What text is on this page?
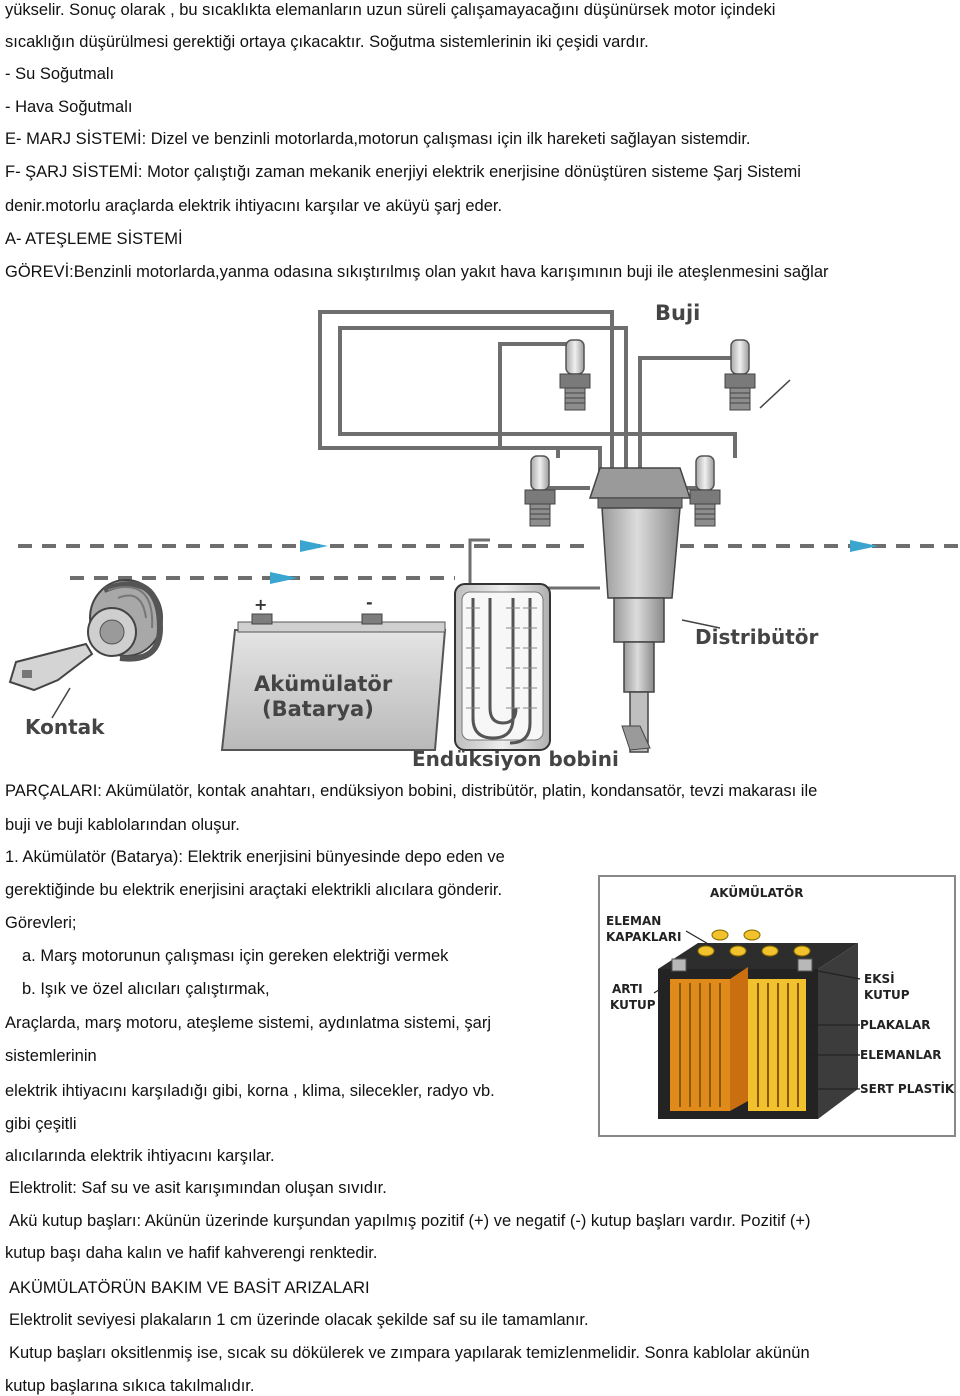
yükselir. Sonuç olarak , bu sıcaklıkta elemanların uzun süreli çalışamayacağını düşünürsek motor içindeki
sıcaklığın düşürülmesi gerektiği ortaya çıkacaktır. Soğutma sistemlerinin iki çeşidi vardır.
- Su Soğutmalı
- Hava Soğutmalı
E- MARJ SİSTEMİ: Dizel ve benzinli motorlarda,motorun çalışması için ilk hareketi sağlayan sistemdir.
F- ŞARJ SİSTEMİ: Motor çalıştığı zaman mekanik enerjiyi elektrik enerjisine dönüştüren sisteme Şarj Sistemi
denir.motorlu araçlarda elektrik ihtiyacını karşılar ve aküyü şarj eder.
A- ATEŞLEME SİSTEMİ
GÖREVİ:Benzinli motorlarda,yanma odasına sıkıştırılmış olan yakıt hava karışımının buji ile ateşlenmesini sağlar
+	-
Akümülatör
(Batarya)
Buji
Distribütör
Kontak
Endüksiyon bobini
PARÇALARI: Akümülatör, kontak anahtarı, endüksiyon bobini, distribütör, platin, kondansatör, tevzi makarası ile
buji ve buji kablolarından oluşur.
1. Akümülatör (Batarya): Elektrik enerjisini bünyesinde depo eden ve
gerektiğinde bu elektrik enerjisini araçtaki elektrikli alıcılara gönderir.
Görevleri;
a. Marş motorunun çalışması için gereken elektriği vermek
b. Işık ve özel alıcıları çalıştırmak,
Araçlarda, marş motoru, ateşleme sistemi, aydınlatma sistemi, şarj
sistemlerinin
elektrik ihtiyacını karşıladığı gibi, korna , klima, silecekler, radyo vb.
gibi çeşitli
alıcılarında elektrik ihtiyacını karşılar.
Elektrolit: Saf su ve asit karışımından oluşan sıvıdır.
Akü kutup başları: Akünün üzerinde kurşundan yapılmış pozitif (+) ve negatif (-) kutup başları vardır. Pozitif (+)
kutup başı daha kalın ve hafif kahverengi renktedir.
AKÜMÜLATÖRÜN BAKIM VE BASİT ARIZALARI
Elektrolit seviyesi plakaların 1 cm üzerinde olacak şekilde saf su ile tamamlanır.
Kutup başları oksitlenmiş ise, sıcak su dökülerek ve zımpara yapılarak temizlenmelidir. Sonra kablolar akünün
kutup başlarına sıkıca takılmalıdır.
AKÜMÜLATÖR
ELEMAN
KAPAKLARI
ARTI
KUTUP
EKSİ
KUTUP
PLAKALAR
ELEMANLAR
SERT PLASTİK
